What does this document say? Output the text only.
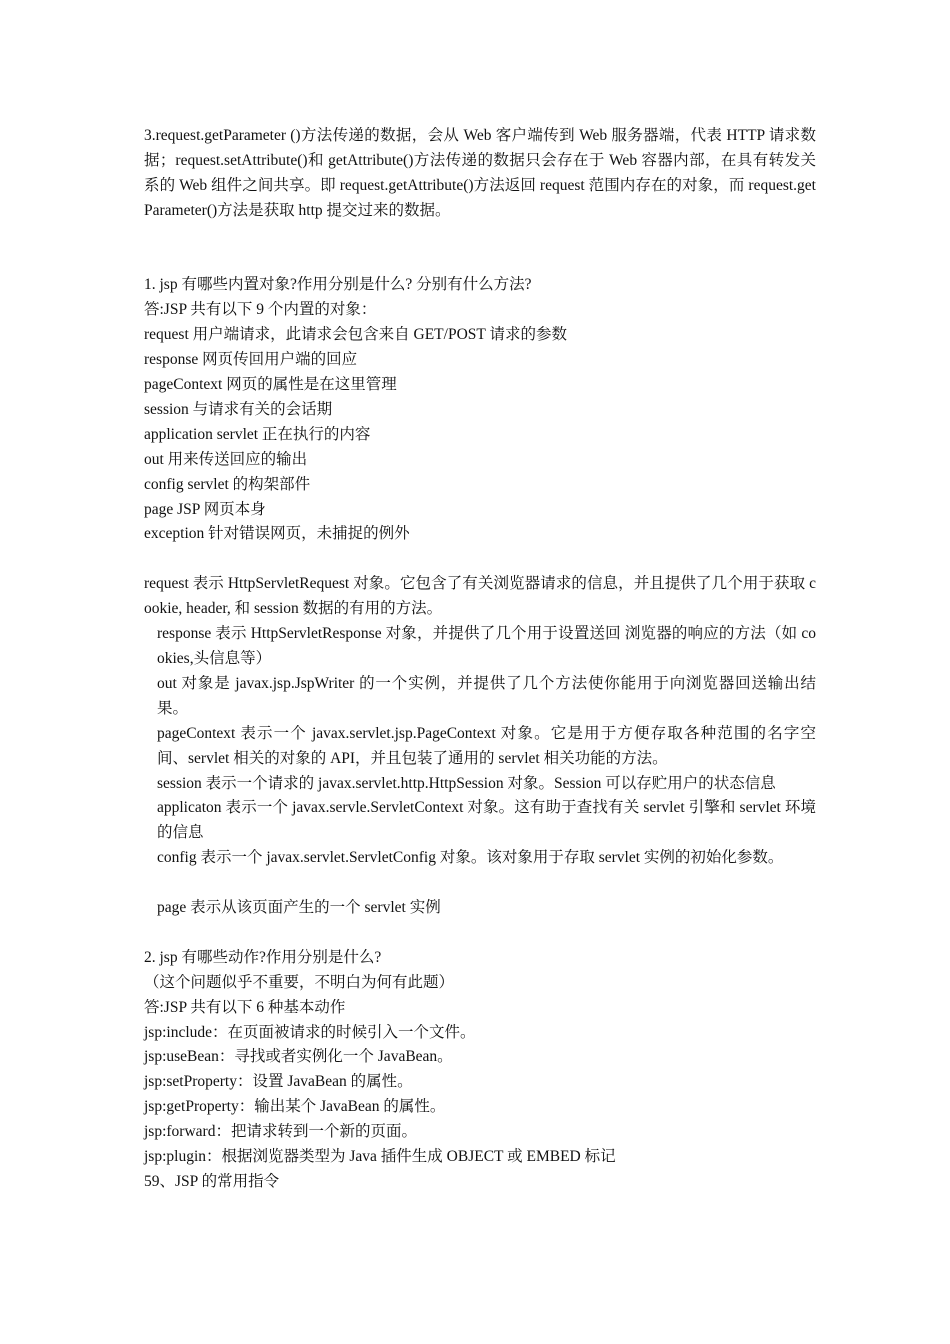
3.request.getParameter ()方法传递的数据，会从 Web 客户端传到 Web 服务器端，代表 HTTP 请求数据；request.setAttribute()和 getAttribute()方法传递的数据只会存在于 Web 容器内部，在具有转发关系的 Web 组件之间共享。即 request.getAttribute()方法返回 request 范围内存在的对象，而 request.getParameter()方法是获取 http 提交过来的数据。

1. jsp 有哪些内置对象?作用分别是什么? 分别有什么方法?

答:JSP 共有以下 9 个内置的对象：

request 用户端请求，此请求会包含来自 GET/POST 请求的参数

response 网页传回用户端的回应

pageContext 网页的属性是在这里管理

session 与请求有关的会话期

application servlet 正在执行的内容

out 用来传送回应的输出

config servlet 的构架部件

page JSP 网页本身

exception 针对错误网页，未捕捉的例外

request 表示 HttpServletRequest 对象。它包含了有关浏览器请求的信息，并且提供了几个用于获取 cookie, header, 和 session 数据的有用的方法。

response 表示 HttpServletResponse 对象，并提供了几个用于设置送回 浏览器的响应的方法（如 cookies,头信息等）

out 对象是 javax.jsp.JspWriter 的一个实例，并提供了几个方法使你能用于向浏览器回送输出结果。

pageContext 表示一个 javax.servlet.jsp.PageContext 对象。它是用于方便存取各种范围的名字空间、servlet 相关的对象的 API，并且包装了通用的 servlet 相关功能的方法。

session 表示一个请求的 javax.servlet.http.HttpSession 对象。Session 可以存贮用户的状态信息

applicaton 表示一个 javax.servle.ServletContext 对象。这有助于查找有关 servlet 引擎和 servlet 环境的信息

config 表示一个 javax.servlet.ServletConfig 对象。该对象用于存取 servlet 实例的初始化参数。

page 表示从该页面产生的一个 servlet 实例

2. jsp 有哪些动作?作用分别是什么?

（这个问题似乎不重要，不明白为何有此题）

答:JSP 共有以下 6 种基本动作

jsp:include：在页面被请求的时候引入一个文件。

jsp:useBean：寻找或者实例化一个 JavaBean。

jsp:setProperty：设置 JavaBean 的属性。

jsp:getProperty：输出某个 JavaBean 的属性。

jsp:forward：把请求转到一个新的页面。

jsp:plugin：根据浏览器类型为 Java 插件生成 OBJECT 或 EMBED 标记

59、JSP 的常用指令
